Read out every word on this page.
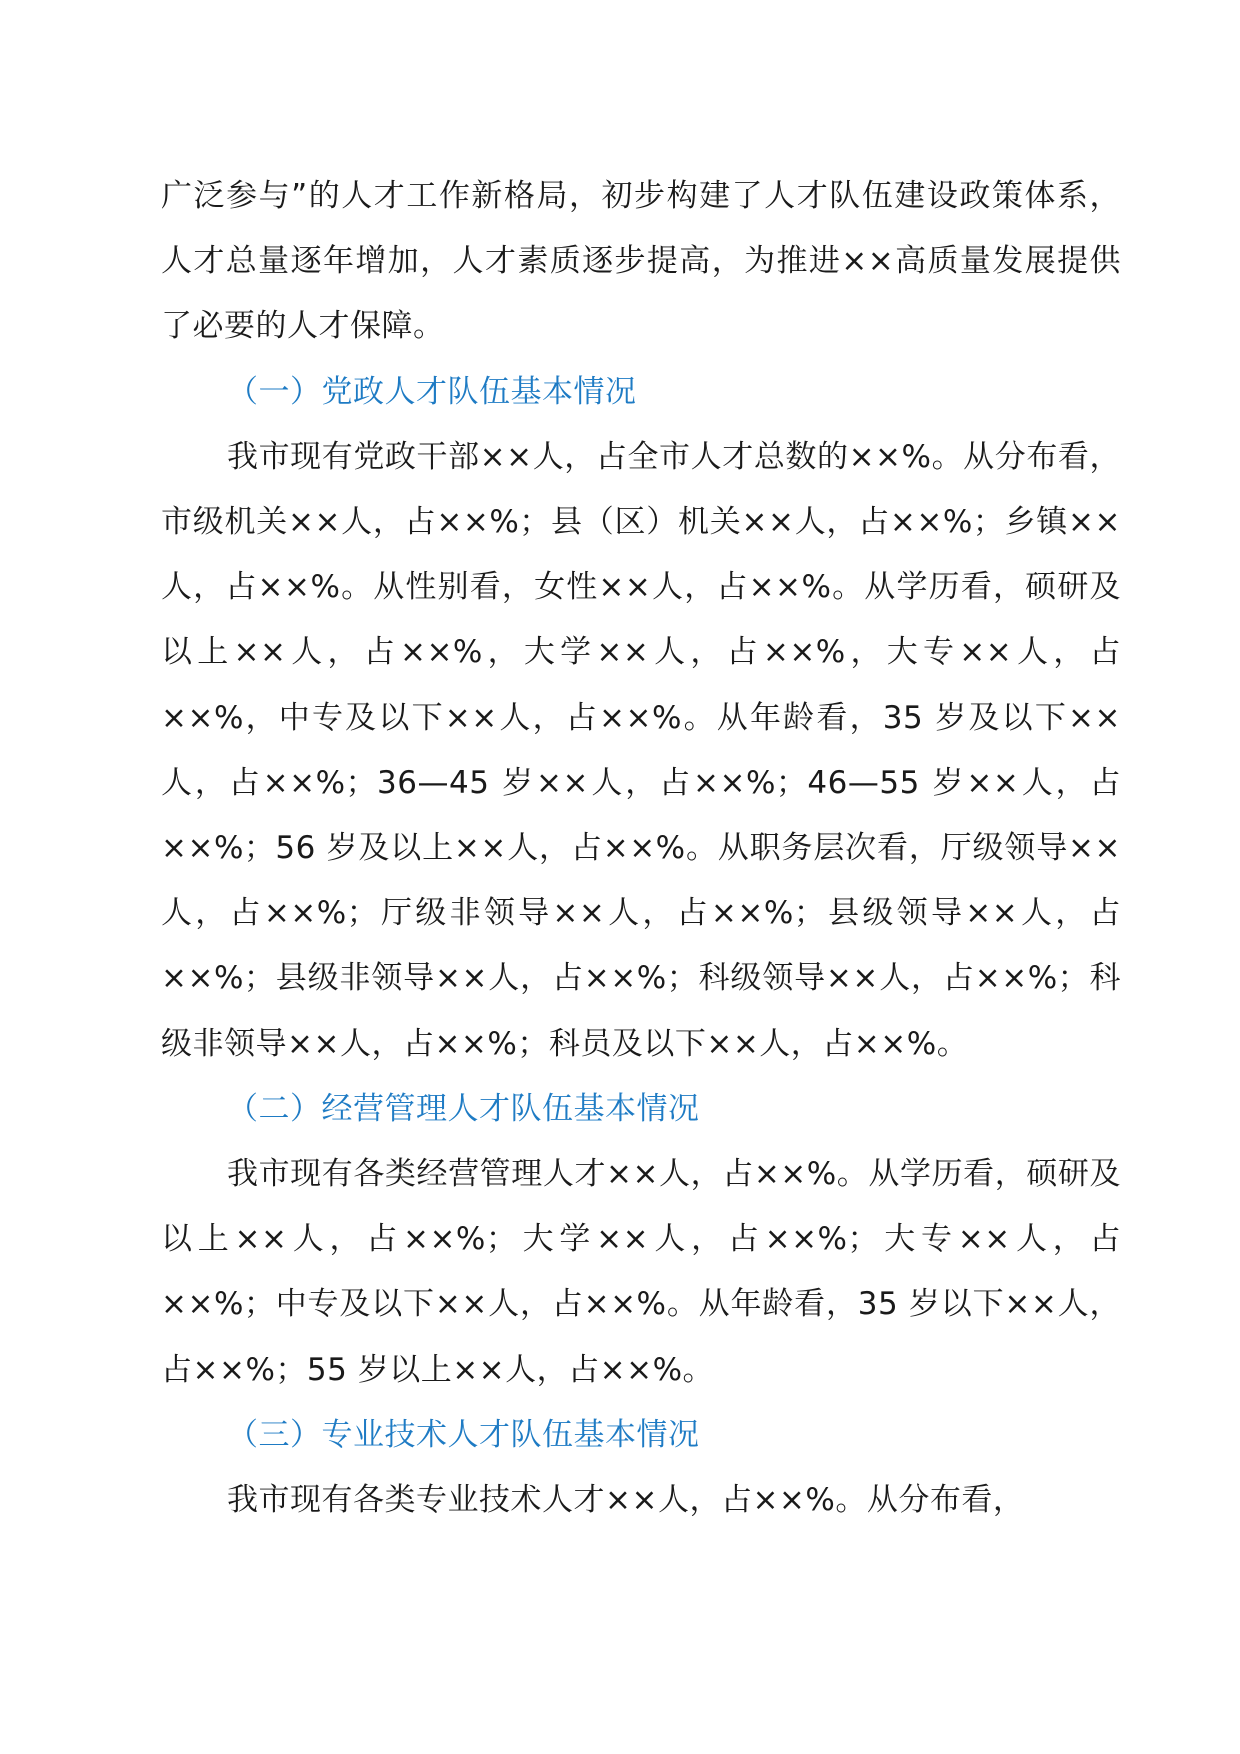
广泛参与”的人才工作新格局，初步构建了人才队伍建设政策体系，人才总量逐年增加，人才素质逐步提高，为推进××高质量发展提供了必要的人才保障。

（一）党政人才队伍基本情况

我市现有党政干部××人，占全市人才总数的××%。从分布看，市级机关××人，占××%；县（区）机关××人，占××%；乡镇××人，占××%。从性别看，女性××人，占××%。从学历看，硕研及以上××人，占××%，大学××人，占××%，大专××人，占××%，中专及以下××人，占××%。从年龄看，35 岁及以下××人，占××%；36—45 岁××人，占××%；46—55 岁××人，占××%；56 岁及以上××人，占××%。从职务层次看，厅级领导××人，占××%；厅级非领导××人，占××%；县级领导××人，占××%；县级非领导××人，占××%；科级领导××人，占××%；科级非领导××人，占××%；科员及以下××人，占××%。

（二）经营管理人才队伍基本情况

我市现有各类经营管理人才××人，占××%。从学历看，硕研及以上××人，占××%；大学××人，占××%；大专××人，占××%；中专及以下××人，占××%。从年龄看，35 岁以下××人，占××%；55 岁以上××人，占××%。

（三）专业技术人才队伍基本情况

我市现有各类专业技术人才××人，占××%。从分布看，
